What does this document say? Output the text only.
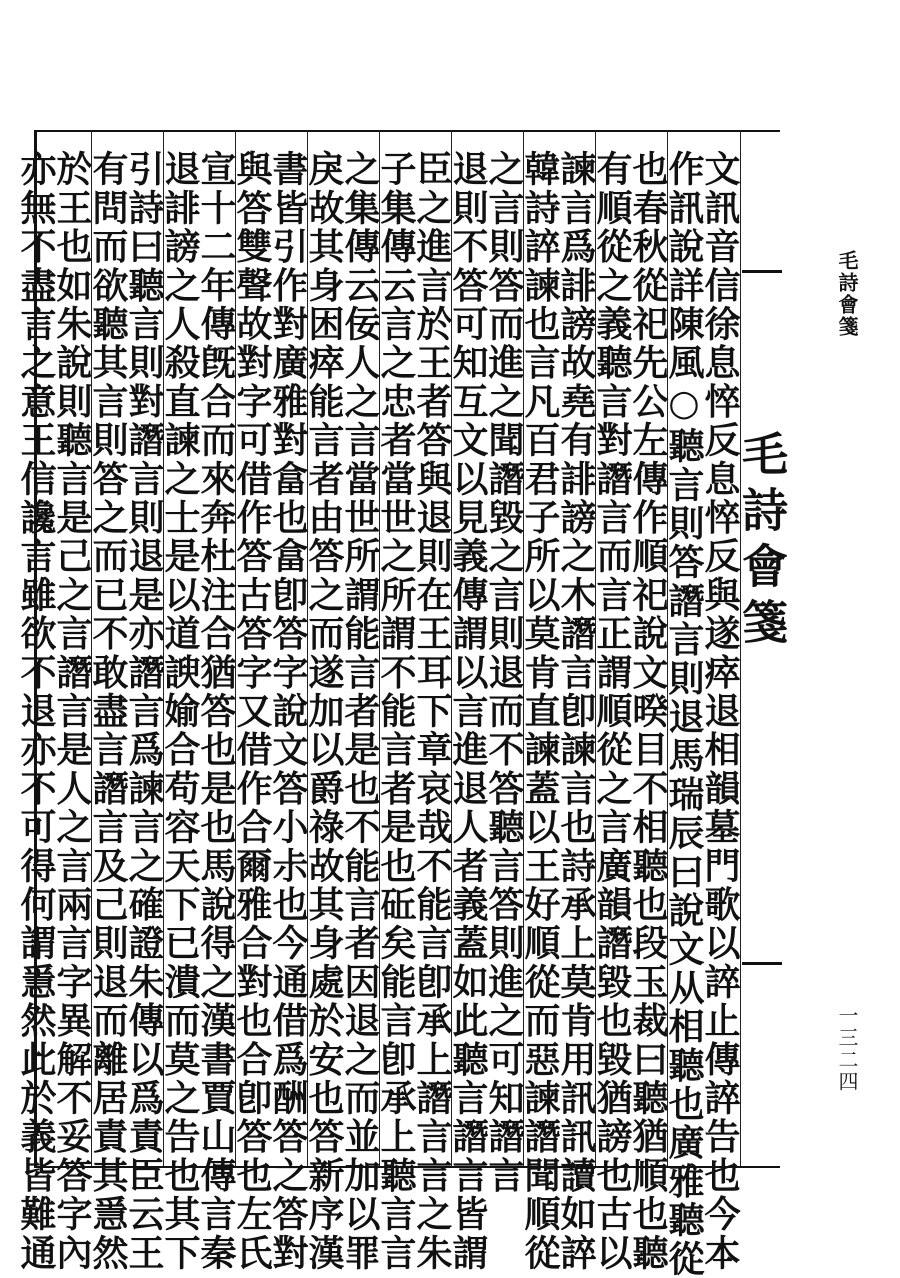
毛詩會箋
毛詩會箋
一三二四
文訊音信徐息悴反息悴反與遂瘁退相韻墓門歌以誶止傳誶告也今本
作訊說詳陳風○聽言則答譖言則退馬瑞辰曰說文从相聽也廣雅聽從
也春秋從祀先公左傳作順祀說文暌目不相聽也段玉裁曰聽猶順也聽
有順從之義聽言對譖言而言正謂順從之言廣韻譖毀也毀猶謗也古以
諫言爲誹謗故堯有誹謗之木譖言卽諫言也詩承上莫肯用訊訊讀如誶
韓詩誶諫也言凡百君子所以莫肯直諫蓋以王好順從而惡諫譖聞順從
之言則答而進之聞譖毀之言則退而不答聽言答則進之可知譖言
退則不答可知互文以見義傳謂以言進退人者義蓋如此聽言譖言皆謂
臣之進言於王者答與退則在王耳下章哀哉不能言卽承上譖言言之朱
子集傳云言之忠者當世之所謂不能言者是也䂡矣能言卽承上聽言言
之集傳云佞人之言當世所謂能言者是也不能言者因退之而並加以罪
戾故其身困瘁能言者由答之而遂加以爵祿故其身處於安也答新序漢
書皆引作對廣雅對畣也畣卽答字說文答小尗也今通借爲酬答之答對
與答雙聲故對字可借作答古答字又借作合爾雅合對也合卽答也左氏
宣十二年傳旣合而來奔杜注合猶答也是也馬說得之漢書賈山傳言秦
退誹謗之人殺直諫之士是以道諛媮合苟容天下已潰而莫之告也其下
引詩曰聽言則對譖言則退是亦譖言爲諫言之確證朱傳以爲責臣云王
有問而欲聽其言則答之而已不敢盡言譖言及己則退而離居責其㥯然
於王也如朱說則聽言是己之言譖言是人之言兩言字異解不妥答字內
亦無不盡言之意王信讒言雖欲不退亦不可得何謂㥯然此於義皆難通
